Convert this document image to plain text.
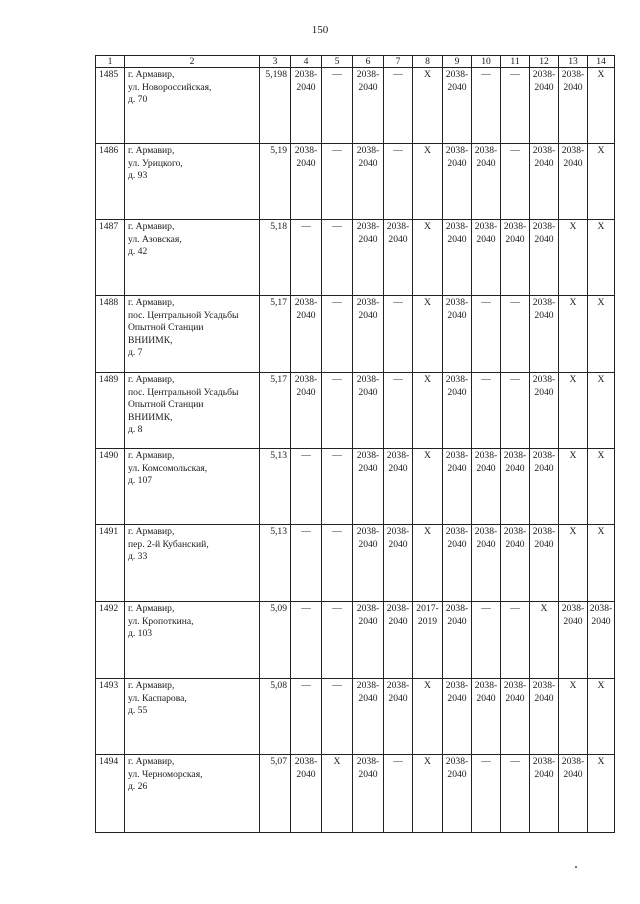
150
1	2	3	4	5	6	7	8	9	10	11	12	13	14
1485	г. Армавир,
ул. Новороссийская,
д. 70	5,198	2038-
2040	—	2038-
2040	—	X	2038-
2040	—	—	2038-
2040	2038-
2040	X
1486	г. Армавир,
ул. Урицкого,
д. 93	5,19	2038-
2040	—	2038-
2040	—	X	2038-
2040	2038-
2040	—	2038-
2040	2038-
2040	X
1487	г. Армавир,
ул. Азовская,
д. 42	5,18	—	—	2038-
2040	2038-
2040	X	2038-
2040	2038-
2040	2038-
2040	2038-
2040	X	X
1488	г. Армавир,
пос. Центральной Усадьбы
Опытной Станции
ВНИИМК,
д. 7	5,17	2038-
2040	—	2038-
2040	—	X	2038-
2040	—	—	2038-
2040	X	X
1489	г. Армавир,
пос. Центральной Усадьбы
Опытной Станции
ВНИИМК,
д. 8	5,17	2038-
2040	—	2038-
2040	—	X	2038-
2040	—	—	2038-
2040	X	X
1490	г. Армавир,
ул. Комсомольская,
д. 107	5,13	—	—	2038-
2040	2038-
2040	X	2038-
2040	2038-
2040	2038-
2040	2038-
2040	X	X
1491	г. Армавир,
пер. 2-й Кубанский,
д. 33	5,13	—	—	2038-
2040	2038-
2040	X	2038-
2040	2038-
2040	2038-
2040	2038-
2040	X	X
1492	г. Армавир,
ул. Кропоткина,
д. 103	5,09	—	—	2038-
2040	2038-
2040	2017-
2019	2038-
2040	—	—	X	2038-
2040	2038-
2040
1493	г. Армавир,
ул. Каспарова,
д. 55	5,08	—	—	2038-
2040	2038-
2040	X	2038-
2040	2038-
2040	2038-
2040	2038-
2040	X	X
1494	г. Армавир,
ул. Черноморская,
д. 26	5,07	2038-
2040	X	2038-
2040	—	X	2038-
2040	—	—	2038-
2040	2038-
2040	X
